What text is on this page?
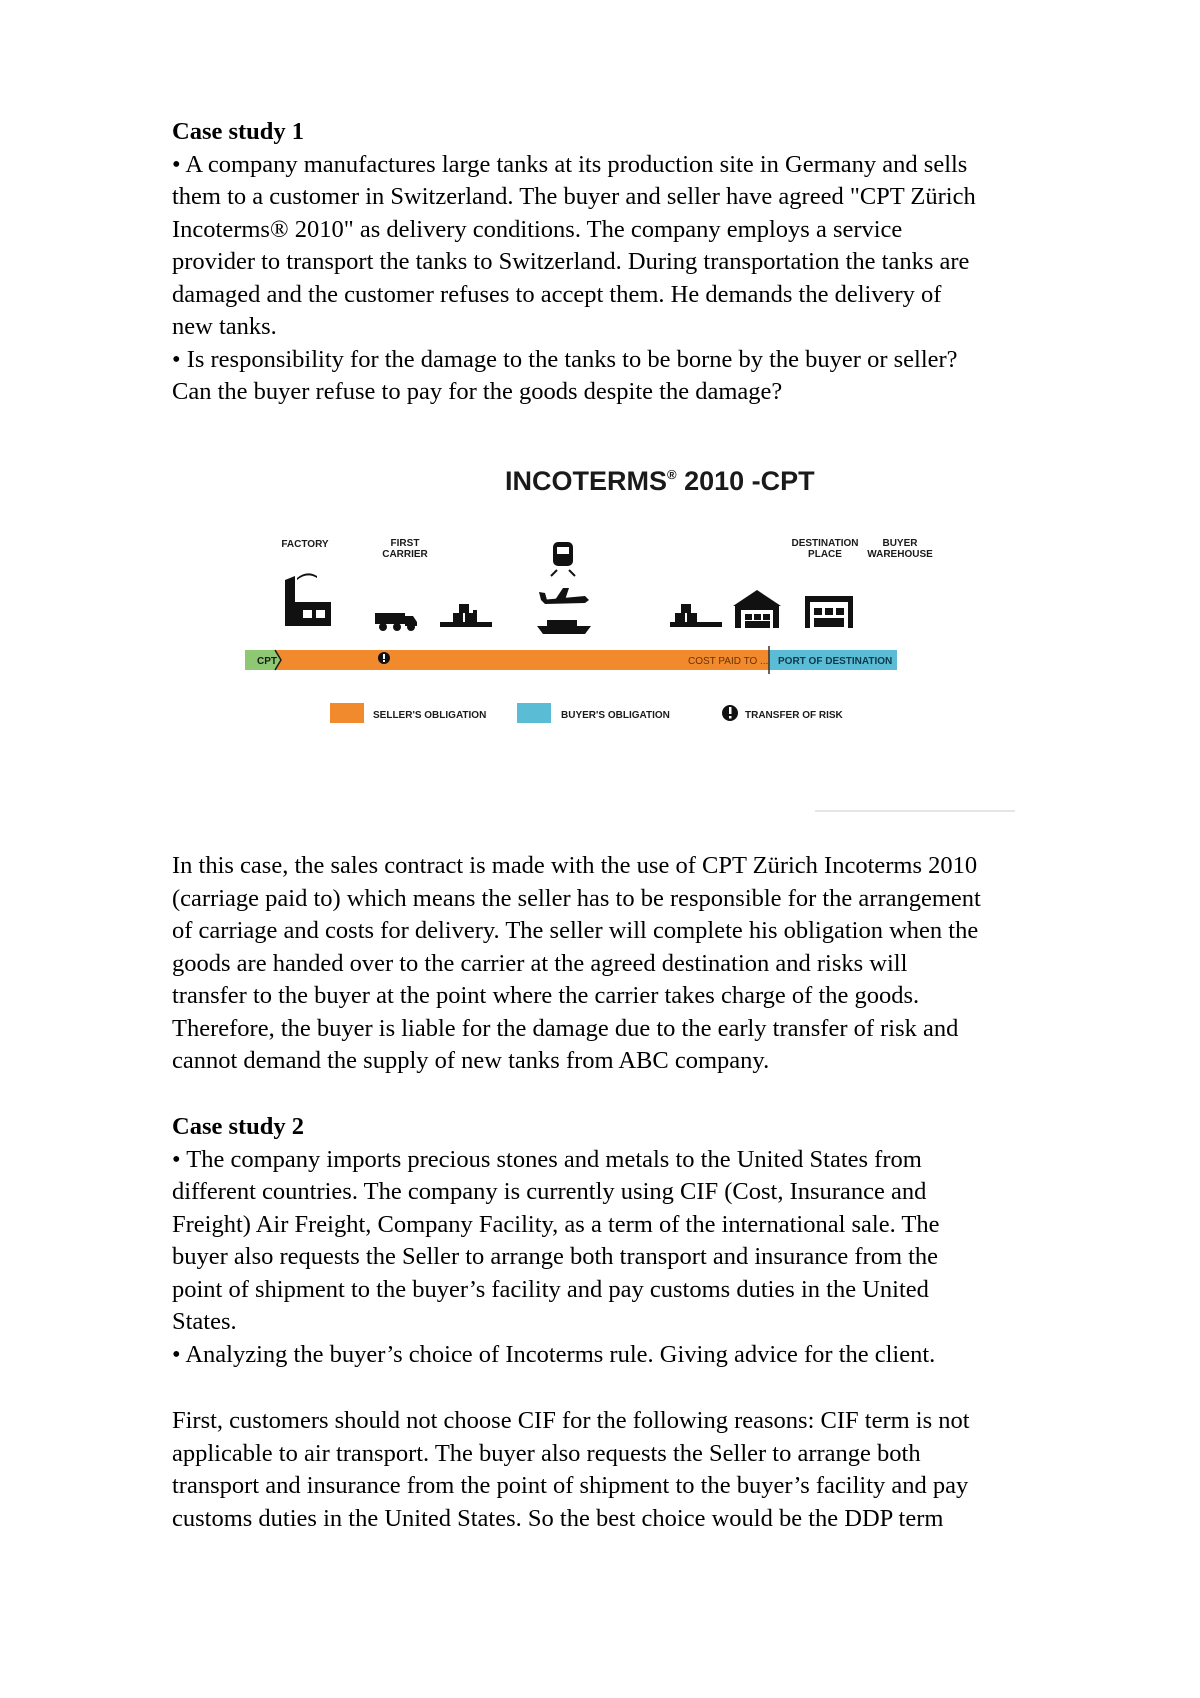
Case study 1

• A company manufactures large tanks at its production site in Germany and sells

them to a customer in Switzerland. The buyer and seller have agreed "CPT Zürich

Incoterms® 2010" as delivery conditions. The company employs a service

provider to transport the tanks to Switzerland. During transportation the tanks are

damaged and the customer refuses to accept them. He demands the delivery of

new tanks.

• Is responsibility for the damage to the tanks to be borne by the buyer or seller?

Can the buyer refuse to pay for the goods despite the damage?

INCOTERMS® 2010 -CPT
FACTORY	FIRST
CARRIER
DESTINATION
PLACE
BUYER
WAREHOUSE
CPT	COST PAID TO ... PORT OF DESTINATION
SELLER'S OBLIGATION	BUYER'S OBLIGATION	TRANSFER OF RISK

In this case, the sales contract is made with the use of CPT Zürich Incoterms 2010

(carriage paid to) which means the seller has to be responsible for the arrangement

of carriage and costs for delivery. The seller will complete his obligation when the

goods are handed over to the carrier at the agreed destination and risks will

transfer to the buyer at the point where the carrier takes charge of the goods.

Therefore, the buyer is liable for the damage due to the early transfer of risk and

cannot demand the supply of new tanks from ABC company.

Case study 2

• The company imports precious stones and metals to the United States from

different countries. The company is currently using CIF (Cost, Insurance and

Freight) Air Freight, Company Facility, as a term of the international sale. The

buyer also requests the Seller to arrange both transport and insurance from the

point of shipment to the buyer’s facility and pay customs duties in the United

States.

• Analyzing the buyer’s choice of Incoterms rule. Giving advice for the client.

First, customers should not choose CIF for the following reasons: CIF term is not

applicable to air transport. The buyer also requests the Seller to arrange both

transport and insurance from the point of shipment to the buyer’s facility and pay

customs duties in the United States. So the best choice would be the DDP term
